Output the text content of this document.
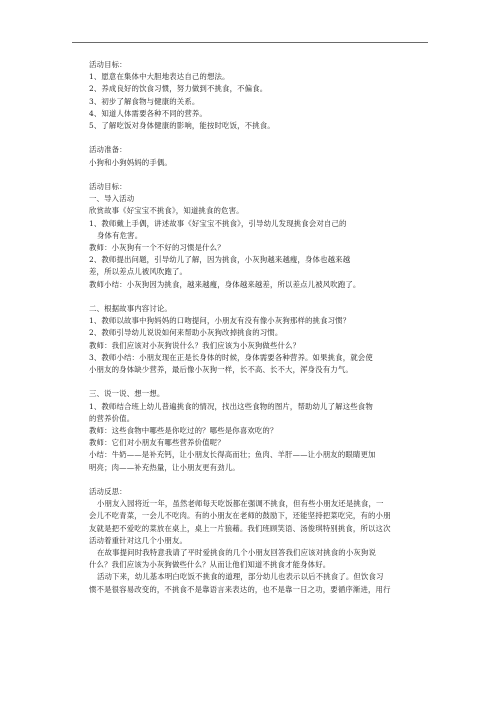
活动目标：

1、愿意在集体中大胆地表达自己的想法。

2、养成良好的饮食习惯，努力做到不挑食，不偏食。

3、初步了解食物与健康的关系。

4、知道人体需要各种不同的营养。

5、了解吃饭对身体健康的影响，能按时吃饭，不挑食。

活动准备：

小狗和小狗妈妈的手偶。

活动目标：

一、导入活动

欣赏故事《好宝宝不挑食》，知道挑食的危害。

1、教师戴上手偶，讲述故事《好宝宝不挑食》，引导幼儿发现挑食会对自己的

身体有危害。

教师：小灰狗有一个不好的习惯是什么？

2、教师提出问题，引导幼儿了解，因为挑食，小灰狗越来越瘦，身体也越来越

差，所以差点儿被风吹跑了。

教师小结：小灰狗因为挑食，越来越瘦，身体越来越差，所以差点儿被风吹跑了。

二、根据故事内容讨论。

1、教师以故事中狗妈妈的口吻提问，小朋友有没有像小灰狗那样的挑食习惯？

2、教师引导幼儿说说如何来帮助小灰狗改掉挑食的习惯。

教师：我们应该对小灰狗说什么？我们应该为小灰狗做些什么？

3、教师小结：小朋友现在正是长身体的时候，身体需要各种营养。如果挑食，就会使

小朋友的身体缺少营养，最后像小灰狗一样，长不高、长不大，浑身没有力气。

三、说一说、想一想。

1、教师结合班上幼儿普遍挑食的情况，找出这些食物的图片，帮助幼儿了解这些食物

的营养价值。

教师：这些食物中哪些是你吃过的？哪些是你喜欢吃的？

教师：它们对小朋友有哪些营养价值呢？

小结：牛奶——是补充钙，让小朋友长得高而壮；鱼肉、羊肝——让小朋友的眼睛更加

明亮；肉——补充热量，让小朋友更有劲儿。

活动反思：

小朋友入园将近一年，虽然老师每天吃饭都在强调不挑食，但有些小朋友还是挑食，一

会儿不吃青菜，一会儿不吃肉。有的小朋友在老师的鼓励下，还能坚持把菜吃完，有的小朋

友就是把不爱吃的菜放在桌上，桌上一片狼藉。我们班顾笑语、汤俊琪特别挑食，所以这次

活动着重针对这几个小朋友。

在故事提问时我特意我请了平时爱挑食的几个小朋友回答我们应该对挑食的小灰狗说

什么？我们应该为小灰狗做些什么？从而让他们知道不挑食才能身体好。

活动下来，幼儿基本明白吃饭不挑食的道理，部分幼儿也表示以后不挑食了。但饮食习

惯不是很容易改变的，不挑食不是靠语言来表达的，也不是靠一日之功，要循序渐进，用行
